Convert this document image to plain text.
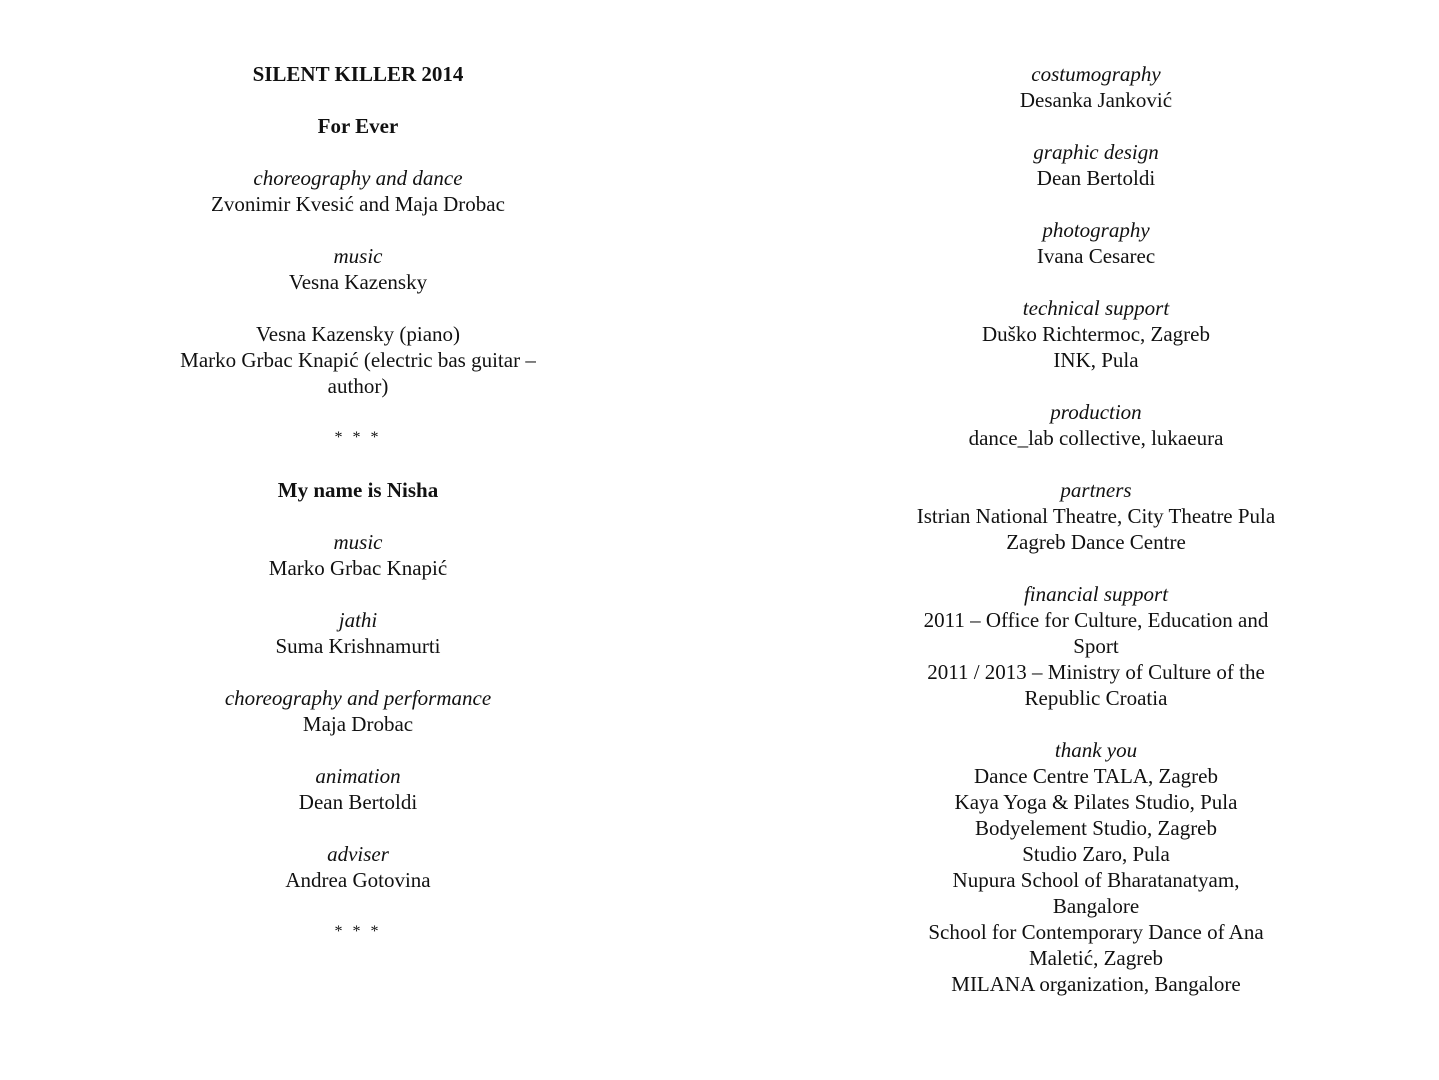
SILENT KILLER 2014
For Ever
choreography and dance
Zvonimir Kvesić and Maja Drobac
music
Vesna Kazensky
Vesna Kazensky (piano)
Marko Grbac Knapić (electric bas guitar –
author)
* * *
My name is Nisha
music
Marko Grbac Knapić
jathi
Suma Krishnamurti
choreography and performance
Maja Drobac
animation
Dean Bertoldi
adviser
Andrea Gotovina
* * *
costumography
Desanka Janković
graphic design
Dean Bertoldi
photography
Ivana Cesarec
technical support
Duško Richtermoc, Zagreb
INK, Pula
production
dance_lab collective, lukaeura
partners
Istrian National Theatre, City Theatre Pula
Zagreb Dance Centre
financial support
2011 – Office for Culture, Education and
Sport
2011 / 2013 – Ministry of Culture of the
Republic Croatia
thank you
Dance Centre TALA, Zagreb
Kaya Yoga & Pilates Studio, Pula
Bodyelement Studio, Zagreb
Studio Zaro, Pula
Nupura School of Bharatanatyam,
Bangalore
School for Contemporary Dance of Ana
Maletić, Zagreb
MILANA organization, Bangalore
